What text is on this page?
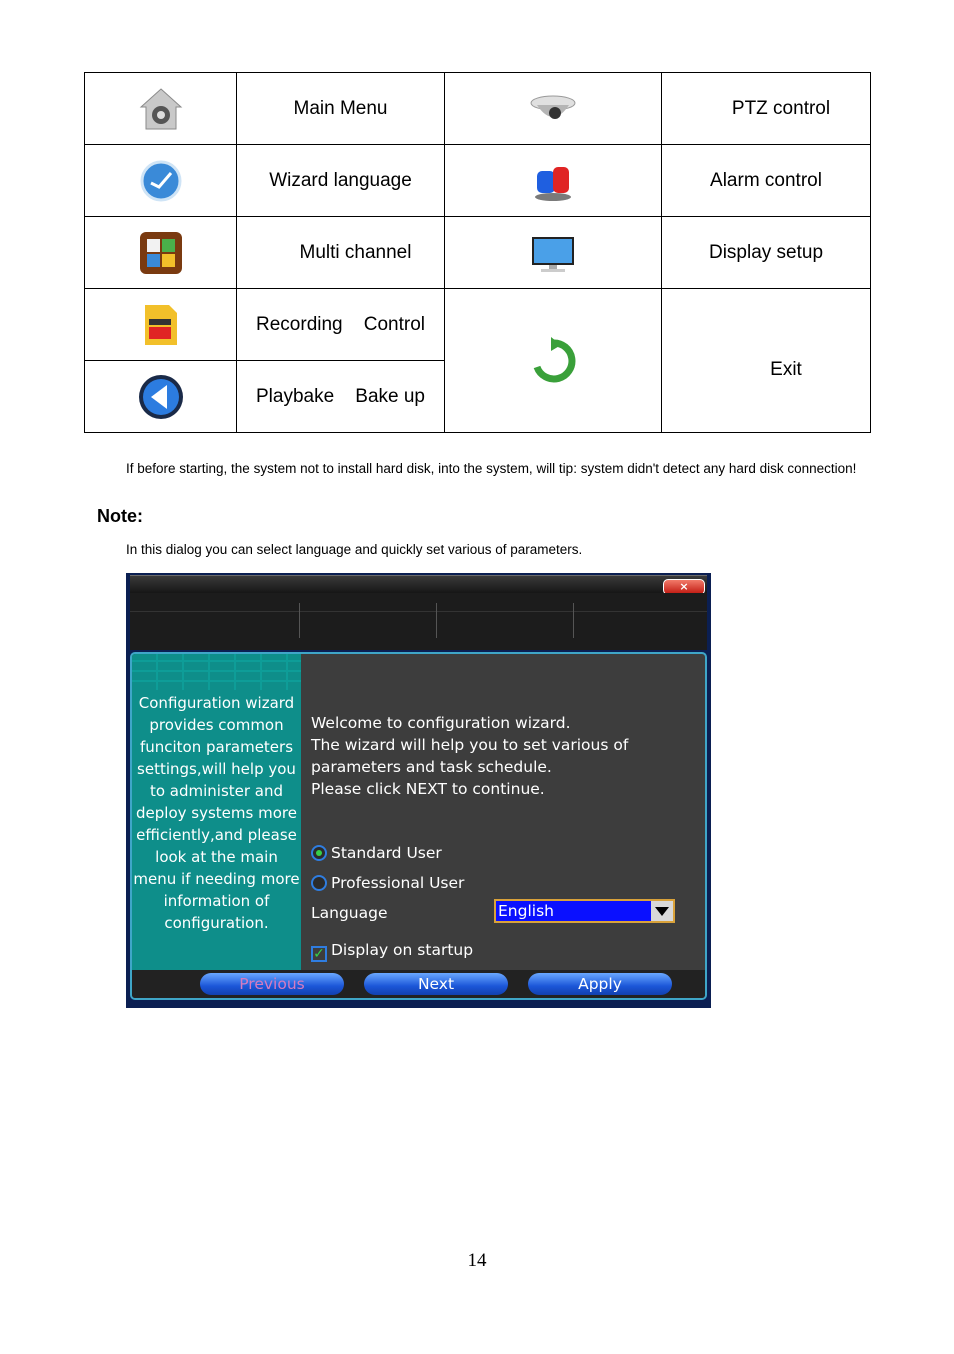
	Main Menu		PTZ control
	Wizard language		Alarm control
	Multi channel		Display setup
	Recording    Control		Exit
	Playbake    Bake up		
If before starting, the system not to install hard disk, into the system, will tip: system didn't detect any hard disk connection!
Note:
In this dialog you can select language and quickly set various of parameters.
×
Configuration wizard provides common funciton parameters settings,will help you to administer and deploy systems more efficiently,and please look at the main menu if needing more information of configuration.
Welcome to configuration wizard.
The wizard will help you to set various of
parameters and task schedule.
Please click NEXT to continue.
Standard User
Professional User
Language	English
✓ Display on startup
Previous	Next	Apply
14
